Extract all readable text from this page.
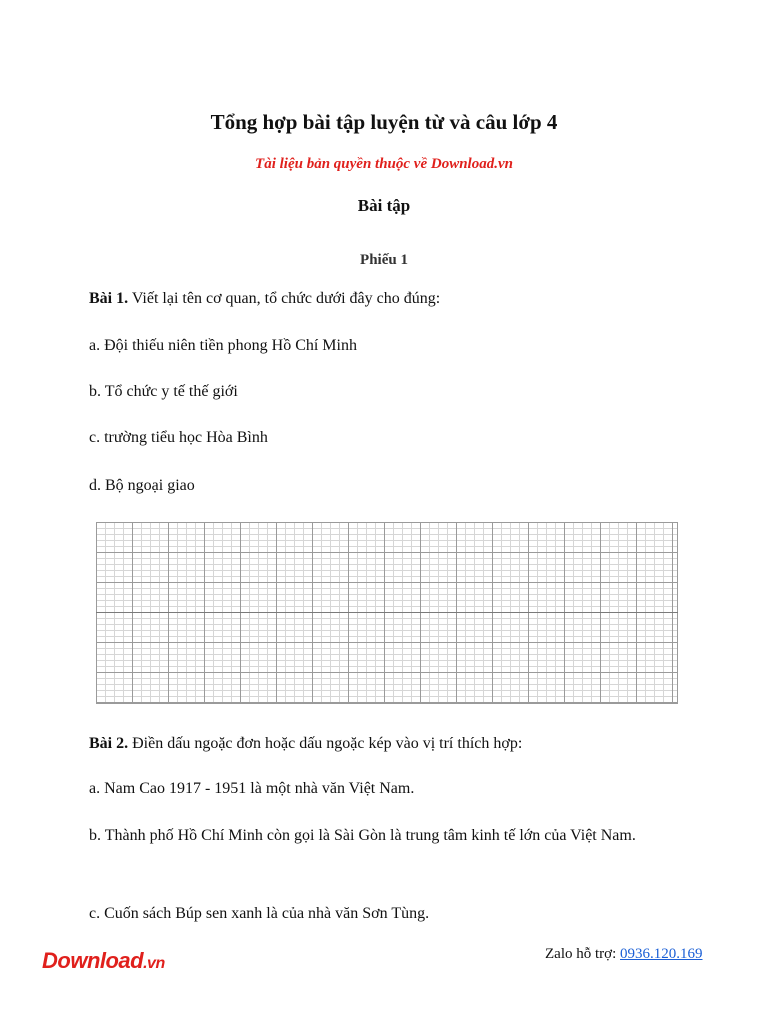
Tổng hợp bài tập luyện từ và câu lớp 4
Tài liệu bản quyền thuộc về Download.vn
Bài tập
Phiếu 1
Bài 1. Viết lại tên cơ quan, tổ chức dưới đây cho đúng:
a. Đội thiếu niên tiền phong Hồ Chí Minh
b. Tổ chức y tế thế giới
c. trường tiểu học Hòa Bình
d. Bộ ngoại giao
Bài 2. Điền dấu ngoặc đơn hoặc dấu ngoặc kép vào vị trí thích hợp:
a. Nam Cao 1917 - 1951 là một nhà văn Việt Nam.
b. Thành phố Hồ Chí Minh còn gọi là Sài Gòn là trung tâm kinh tế lớn của Việt Nam.
c. Cuốn sách Búp sen xanh là của nhà văn Sơn Tùng.
Download.vn
Zalo hỗ trợ: 0936.120.169
